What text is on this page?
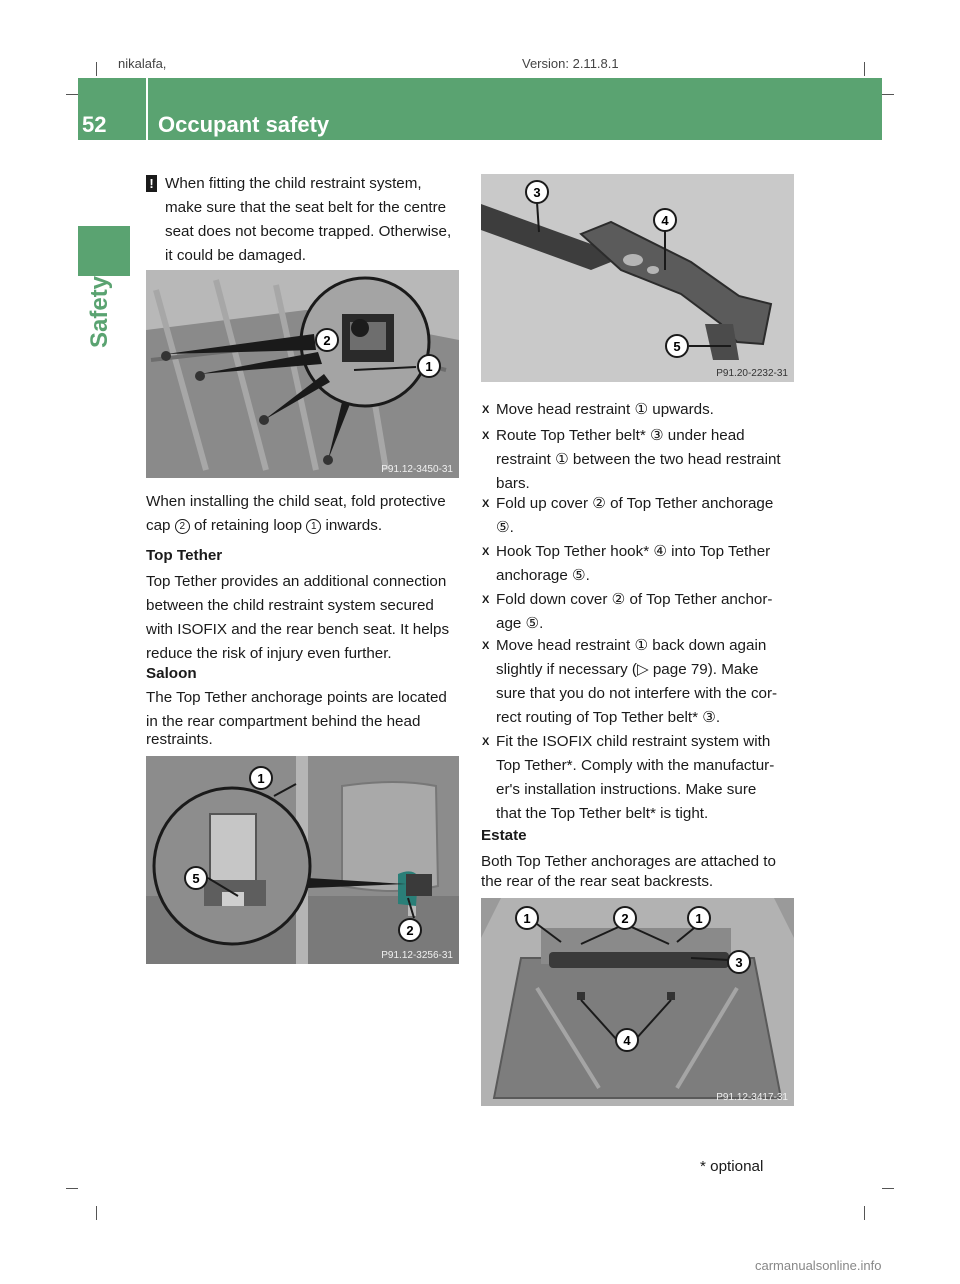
nikalafa,	Version: 2.11.8.1
52 Occupant safety
Safety
! When fitting the child restraint system,
make sure that the seat belt for the centre
seat does not become trapped. Otherwise,
it could be damaged.
2
1
P91.12-3450-31
When installing the child seat, fold protective
cap 2 of retaining loop 1 inwards.
Top Tether
Top Tether provides an additional connection
between the child restraint system secured
with ISOFIX and the rear bench seat. It helps
reduce the risk of injury even further.
Saloon
The Top Tether anchorage points are located
in the rear compartment behind the head
restraints.
1
5
2
P91.12-3256-31
3
4
5
P91.20-2232-31
X Move head restraint ① upwards.
X Route Top Tether belt* ③ under head
restraint ① between the two head restraint
bars.
X Fold up cover ② of Top Tether anchorage
⑤.
X Hook Top Tether hook* ④ into Top Tether
anchorage ⑤.
X Fold down cover ② of Top Tether anchor-
age ⑤.
X Move head restraint ① back down again
slightly if necessary (▷ page 79). Make
sure that you do not interfere with the cor-
rect routing of Top Tether belt* ③.
X Fit the ISOFIX child restraint system with
Top Tether*. Comply with the manufactur-
er's installation instructions. Make sure
that the Top Tether belt* is tight.
Estate
Both Top Tether anchorages are attached to
the rear of the rear seat backrests.
1	2	1
3
4
P91.12-3417-31
* optional
carmanualsonline.info
